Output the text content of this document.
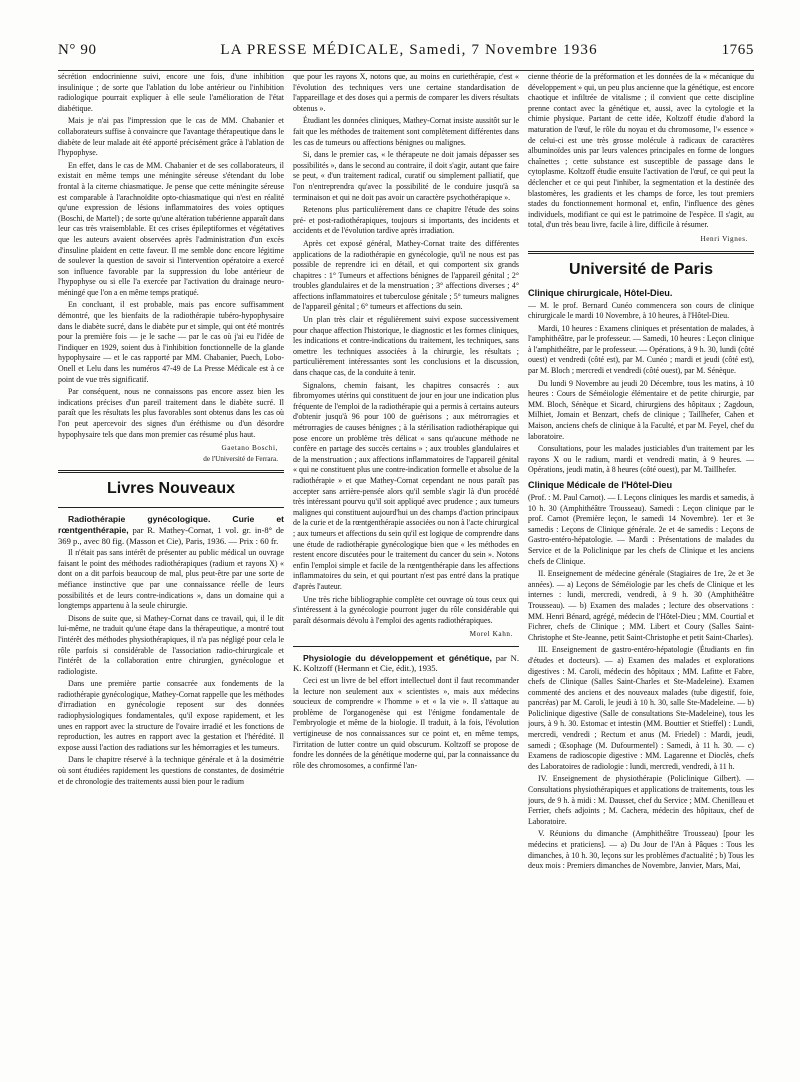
N° 90	LA PRESSE MÉDICALE, Samedi, 7 Novembre 1936	1765

sécrétion endocrinienne suivi, encore une fois, d'une inhibition insulinique ; de sorte que l'ablation du lobe antérieur ou l'inhibition radiologique pourrait expliquer à elle seule l'amélioration de l'état diabétique.

Mais je n'ai pas l'impression que le cas de MM. Chabanier et collaborateurs suffise à convaincre que l'avantage thérapeutique dans le diabète de leur malade ait été apporté précisément grâce à l'ablation de l'hypophyse.

En effet, dans le cas de MM. Chabanier et de ses collaborateurs, il existait en même temps une méningite séreuse s'étendant du lobe frontal à la citerne chiasmatique. Je pense que cette méningite séreuse est comparable à l'arachnoïdite opto-chiasmatique qui n'est en réalité qu'une expression de lésions inflammatoires des voies optiques (Boschi, de Martel) ; de sorte qu'une altération tubérienne apparaît dans leur cas très vraisemblable. Et ces crises épileptiformes et végétatives que les auteurs avaient observées après l'administration d'un excès d'insuline plaident en cette faveur. Il me semble donc encore légitime de soulever la question de savoir si l'intervention opératoire a exercé son influence favorable par la suppression du lobe antérieur de l'hypophyse ou si elle l'a exercée par l'activation du drainage neuro-méningé que l'on a en même temps pratiqué.

En concluant, il est probable, mais pas encore suffisamment démontré, que les bienfaits de la radiothérapie tubéro-hypophysaire dans le diabète sucré, dans le diabète pur et simple, qui ont été montrés pour la première fois — je le sache — par le cas où j'ai eu l'idée de l'indiquer en 1929, soient dus à l'inhibition fonctionnelle de la glande hypophysaire — et le cas rapporté par MM. Chabanier, Puech, Lobo-Onell et Lelu dans les numéros 47-49 de La Presse Médicale est à ce point de vue très significatif.

Par conséquent, nous ne connaissons pas encore assez bien les indications précises d'un pareil traitement dans le diabète sucré. Il paraît que les résultats les plus favorables sont obtenus dans les cas où l'on peut apercevoir des signes d'un éréthisme ou d'un désordre hypophysaire tels que dans mon premier cas résumé plus haut.

Gaetano Boschi,
de l'Université de Ferrara.
Livres Nouveaux

Radiothérapie gynécologique. Curie et rœntgenthérapie, par R. Mathey-Cornat, 1 vol. gr. in-8° de 369 p., avec 80 fig. (Masson et Cie), Paris, 1936. — Prix : 60 fr.

Il n'était pas sans intérêt de présenter au public médical un ouvrage faisant le point des méthodes radiothérapiques (radium et rayons X) « dont on a dit parfois beaucoup de mal, plus peut-être par une sorte de méfiance instinctive que par une connaissance réelle de leurs possibilités et de leurs contre-indications », dans un domaine qui a longtemps appartenu à la seule chirurgie.

Disons de suite que, si Mathey-Cornat dans ce travail, qui, il le dit lui-même, ne traduit qu'une étape dans la thérapeutique, a montré tout l'intérêt des méthodes physiothérapiques, il n'a pas négligé pour cela le rôle parfois si considérable de l'association radio-chirurgicale et l'intérêt de la collaboration entre chirurgien, gynécologue et radiologiste.

Dans une première partie consacrée aux fondements de la radiothérapie gynécologique, Mathey-Cornat rappelle que les méthodes d'irradiation en gynécologie reposent sur des données radiophysiologiques fondamentales, qu'il expose rapidement, et les unes en rapport avec la structure de l'ovaire irradié et les fonctions de reproduction, les autres en rapport avec la gestation et l'hérédité. Il expose aussi l'action des radiations sur les hémorragies et les tumeurs.

Dans le chapitre réservé à la technique générale et à la dosimétrie où sont étudiées rapidement les questions de constantes, de dosimétrie et de chronologie des traitements aussi bien pour le radium

que pour les rayons X, notons que, au moins en curiethérapie, c'est « l'évolution des techniques vers une certaine standardisation de l'appareillage et des doses qui a permis de comparer les divers résultats obtenus ».

Étudiant les données cliniques, Mathey-Cornat insiste aussitôt sur le fait que les méthodes de traitement sont complètement différentes dans les cas de tumeurs ou affections bénignes ou malignes.

Si, dans le premier cas, « le thérapeute ne doit jamais dépasser ses possibilités », dans le second au contraire, il doit s'agir, autant que faire se peut, « d'un traitement radical, curatif ou simplement palliatif, que l'on n'entreprendra qu'avec la possibilité de le conduire jusqu'à sa terminaison et qui ne doit pas avoir un caractère psychothérapique ».

Retenons plus particulièrement dans ce chapitre l'étude des soins pré- et post-radiothérapiques, toujours si importants, des incidents et accidents et de l'évolution tardive après irradiation.

Après cet exposé général, Mathey-Cornat traite des différentes applications de la radiothérapie en gynécologie, qu'il ne nous est pas possible de reprendre ici en détail, et qui comportent six grands chapitres : 1° Tumeurs et affections bénignes de l'appareil génital ; 2° troubles glandulaires et de la menstruation ; 3° affections diverses ; 4° affections inflammatoires et tuberculose génitale ; 5° tumeurs malignes de l'appareil génital ; 6° tumeurs et affections du sein.

Un plan très clair et régulièrement suivi expose successivement pour chaque affection l'historique, le diagnostic et les formes cliniques, les indications et contre-indications du traitement, les techniques, sans omettre les techniques associées à la chirurgie, les résultats ; particulièrement intéressantes sont les conclusions et la discussion, dans chaque cas, de la conduite à tenir.

Signalons, chemin faisant, les chapitres consacrés : aux fibromyomes utérins qui constituent de jour en jour une indication plus fréquente de l'emploi de la radiothérapie qui a permis à certains auteurs d'obtenir jusqu'à 96 pour 100 de guérisons ; aux métrorragies et métrorragies de causes bénignes ; à la stérilisation radiothérapique qui pose encore un problème très délicat « sans qu'aucune méthode ne confère en partage des succès certains » ; aux troubles glandulaires et de la menstruation ; aux affections inflammatoires de l'appareil génital « qui ne constituent plus une contre-indication formelle et absolue de la radiothérapie » et que Mathey-Cornat cependant ne nous paraît pas accepter sans arrière-pensée alors qu'il semble s'agir là d'un procédé très intéressant pourvu qu'il soit appliqué avec prudence ; aux tumeurs malignes qui constituent aujourd'hui un des champs d'action principaux de la curie et de la rœntgenthérapie associées ou non à l'acte chirurgical ; aux tumeurs et affections du sein qu'il est logique de comprendre dans une étude de radiothérapie gynécologique bien que « les méthodes en restent encore discutées pour le traitement du cancer du sein ». Notons enfin l'emploi simple et facile de la rœntgenthérapie dans les affections inflammatoires du sein, et qui pourtant n'est pas entré dans la pratique d'après l'auteur.

Une très riche bibliographie complète cet ouvrage où tous ceux qui s'intéressent à la gynécologie pourront juger du rôle considérable qui paraît désormais dévolu à l'emploi des agents radiothérapiques.

Morel Kahn.

Physiologie du développement et génétique, par N. K. Koltzoff (Hermann et Cie, édit.), 1935.

Ceci est un livre de bel effort intellectuel dont il faut recommander la lecture non seulement aux « scientistes », mais aux médecins soucieux de comprendre « l'homme » et « la vie ». Il s'attaque au problème de l'organogenèse qui est l'énigme fondamentale de l'embryologie et même de la biologie. Il traduit, à la fois, l'évolution vertigineuse de nos connaissances sur ce point et, en même temps, l'irritation de lutter contre un quid obscurum. Koltzoff se propose de fondre les données de la génétique moderne qui, par la connaissance du rôle des chromosomes, a confirmé l'an-

cienne théorie de la préformation et les données de la « mécanique du développement » qui, un peu plus ancienne que la génétique, est encore chaotique et infiltrée de vitalisme ; il convient que cette discipline prenne contact avec la génétique et, aussi, avec la cytologie et la chimie physique. Partant de cette idée, Koltzoff étudie d'abord la maturation de l'œuf, le rôle du noyau et du chromosome, l'« essence » de celui-ci est une très grosse molécule à radicaux de caractères albuminoïdes unis par leurs valences principales en forme de longues chaînettes ; cette substance est susceptible de passage dans le cytoplasme. Koltzoff étudie ensuite l'activation de l'œuf, ce qui peut la déclencher et ce qui peut l'inhiber, la segmentation et la destinée des blastomères, les gradients et les champs de force, les tout premiers stades du fonctionnement hormonal et, enfin, l'influence des gènes individuels, modifiant ce qui est le patrimoine de l'espèce. Il s'agit, au total, d'un très beau livre, facile à lire, difficile à résumer.

Henri Vignes.
Université de Paris
Clinique chirurgicale, Hôtel-Dieu.

— M. le prof. Bernard Cunéo commencera son cours de clinique chirurgicale le mardi 10 Novembre, à 10 heures, à l'Hôtel-Dieu.

Mardi, 10 heures : Examens cliniques et présentation de malades, à l'amphithéâtre, par le professeur. — Samedi, 10 heures : Leçon clinique à l'amphithéâtre, par le professeur. — Opérations, à 9 h. 30, lundi (côté ouest) et vendredi (côté est), par M. Cunéo ; mardi et jeudi (côté est), par M. Bloch ; mercredi et vendredi (côté ouest), par M. Sénèque.

Du lundi 9 Novembre au jeudi 20 Décembre, tous les matins, à 10 heures : Cours de Séméiologie élémentaire et de petite chirurgie, par MM. Bloch, Sénèque et Sicard, chirurgiens des hôpitaux ; Zagdoun, Milhiet, Jomain et Benzart, chefs de clinique ; Taillhefer, Cahen et Maison, anciens chefs de clinique à la Faculté, et par M. Feyel, chef du laboratoire.

Consultations, pour les malades justiciables d'un traitement par les rayons X ou le radium, mardi et vendredi matin, à 9 heures. — Opérations, jeudi matin, à 8 heures (côté ouest), par M. Taillhefer.

Clinique Médicale de l'Hôtel-Dieu

(Prof. : M. Paul Carnot). — I. Leçons cliniques les mardis et samedis, à 10 h. 30 (Amphithéâtre Trousseau). Samedi : Leçon clinique par le prof. Carnot (Première leçon, le samedi 14 Novembre). 1er et 3e samedis : Leçons de Clinique générale. 2e et 4e samedis : Leçons de Gastro-entéro-hépatologie. — Mardi : Présentations de malades du Service et de la Policlinique par les chefs de Clinique et les anciens chefs de Clinique.

II. Enseignement de médecine générale (Stagiaires de 1re, 2e et 3e années). — a) Leçons de Séméiologie par les chefs de Clinique et les internes : lundi, mercredi, vendredi, à 9 h. 30 (Amphithéâtre Trousseau). — b) Examen des malades ; lecture des observations : MM. Henri Bénard, agrégé, médecin de l'Hôtel-Dieu ; MM. Courtial et Fichrer, chefs de Clinique ; MM. Libert et Coury (Salles Saint-Christophe et Ste-Jeanne, petit Saint-Christophe et petit Saint-Charles).

III. Enseignement de gastro-entéro-hépatologie (Étudiants en fin d'études et docteurs). — a) Examen des malades et explorations digestives : M. Caroli, médecin des hôpitaux ; MM. Lafitte et Fabre, chefs de Clinique (Salles Saint-Charles et Ste-Madeleine). Examen commenté des anciens et des nouveaux malades (tube digestif, foie, pancréas) par M. Caroli, le jeudi à 10 h. 30, salle Ste-Madeleine. — b) Policlinique digestive (Salle de consultations Ste-Madeleine), tous les jours, à 9 h. 30. Estomac et intestin (MM. Bouttier et Stieffel) : Lundi, mercredi, vendredi ; Rectum et anus (M. Friedel) : Mardi, jeudi, samedi ; Œsophage (M. Dufourmentel) : Samedi, à 11 h. 30. — c) Examens de radioscopie digestive : MM. Lagarenne et Dioclès, chefs des Laboratoires de radiologie : lundi, mercredi, vendredi, à 11 h.

IV. Enseignement de physiothérapie (Policlinique Gilbert). — Consultations physiothérapiques et applications de traitements, tous les jours, de 9 h. à midi : M. Dausset, chef du Service ; MM. Chenilleau et Ferrier, chefs adjoints ; M. Cachera, médecin des hôpitaux, chef de Laboratoire.

V. Réunions du dimanche (Amphithéâtre Trousseau) [pour les médecins et praticiens]. — a) Du Jour de l'An à Pâques : Tous les dimanches, à 10 h. 30, leçons sur les problèmes d'actualité ; b) Tous les deux mois : Premiers dimanches de Novembre, Janvier, Mars, Mai,
